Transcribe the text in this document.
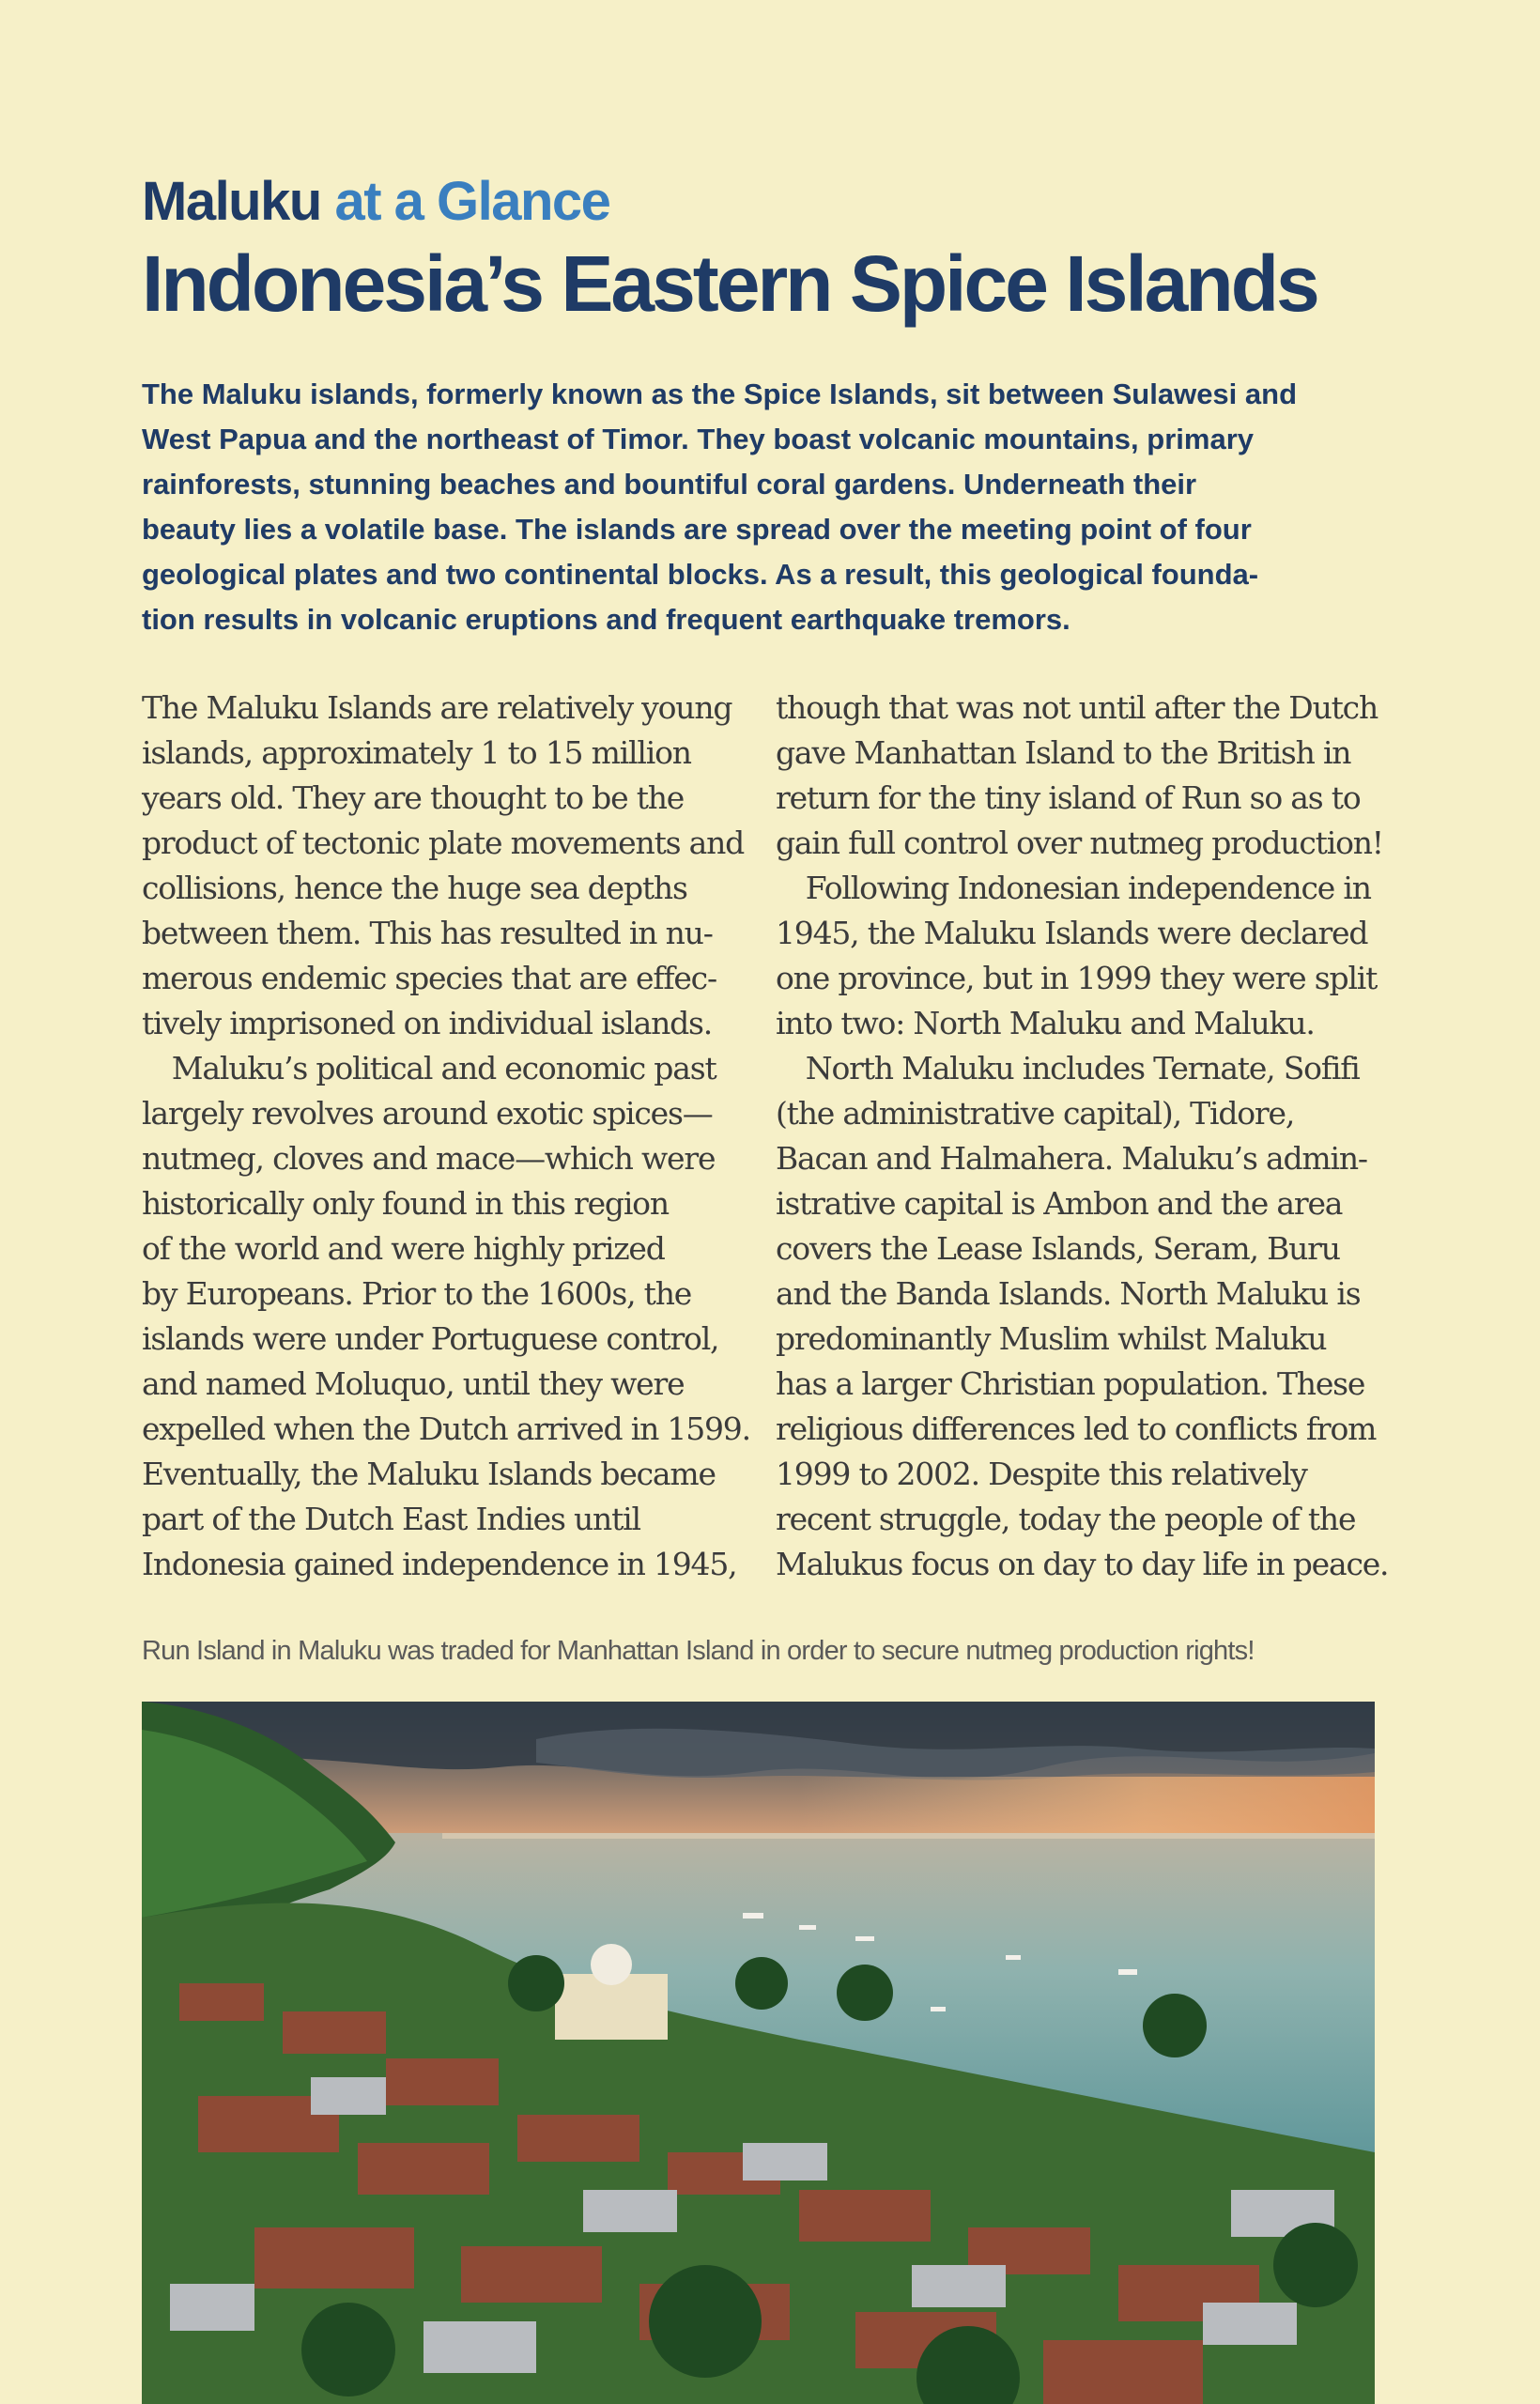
Maluku at a Glance
Indonesia’s Eastern Spice Islands
The Maluku islands, formerly known as the Spice Islands, sit between Sulawesi and
West Papua and the northeast of Timor. They boast volcanic mountains, primary
rainforests, stunning beaches and bountiful coral gardens. Underneath their
beauty lies a volatile base. The islands are spread over the meeting point of four
geological plates and two continental blocks. As a result, this geological founda-
tion results in volcanic eruptions and frequent earthquake tremors.
The Maluku Islands are relatively young
islands, approximately 1 to 15 million
years old. They are thought to be the
product of tectonic plate movements and
collisions, hence the huge sea depths
between them. This has resulted in nu-
merous endemic species that are effec-
tively imprisoned on individual islands.
 Maluku’s political and economic past
largely revolves around exotic spices—
nutmeg, cloves and mace—which were
historically only found in this region
of the world and were highly prized
by Europeans. Prior to the 1600s, the
islands were under Portuguese control,
and named Moluquo, until they were
expelled when the Dutch arrived in 1599.
Eventually, the Maluku Islands became
part of the Dutch East Indies until
Indonesia gained independence in 1945,
though that was not until after the Dutch
gave Manhattan Island to the British in
return for the tiny island of Run so as to
gain full control over nutmeg production!
 Following Indonesian independence in
1945, the Maluku Islands were declared
one province, but in 1999 they were split
into two: North Maluku and Maluku.
 North Maluku includes Ternate, Sofifi
(the administrative capital), Tidore,
Bacan and Halmahera. Maluku’s admin-
istrative capital is Ambon and the area
covers the Lease Islands, Seram, Buru
and the Banda Islands. North Maluku is
predominantly Muslim whilst Maluku
has a larger Christian population. These
religious differences led to conflicts from
1999 to 2002. Despite this relatively
recent struggle, today the people of the
Malukus focus on day to day life in peace.
Run Island in Maluku was traded for Manhattan Island in order to secure nutmeg production rights!
